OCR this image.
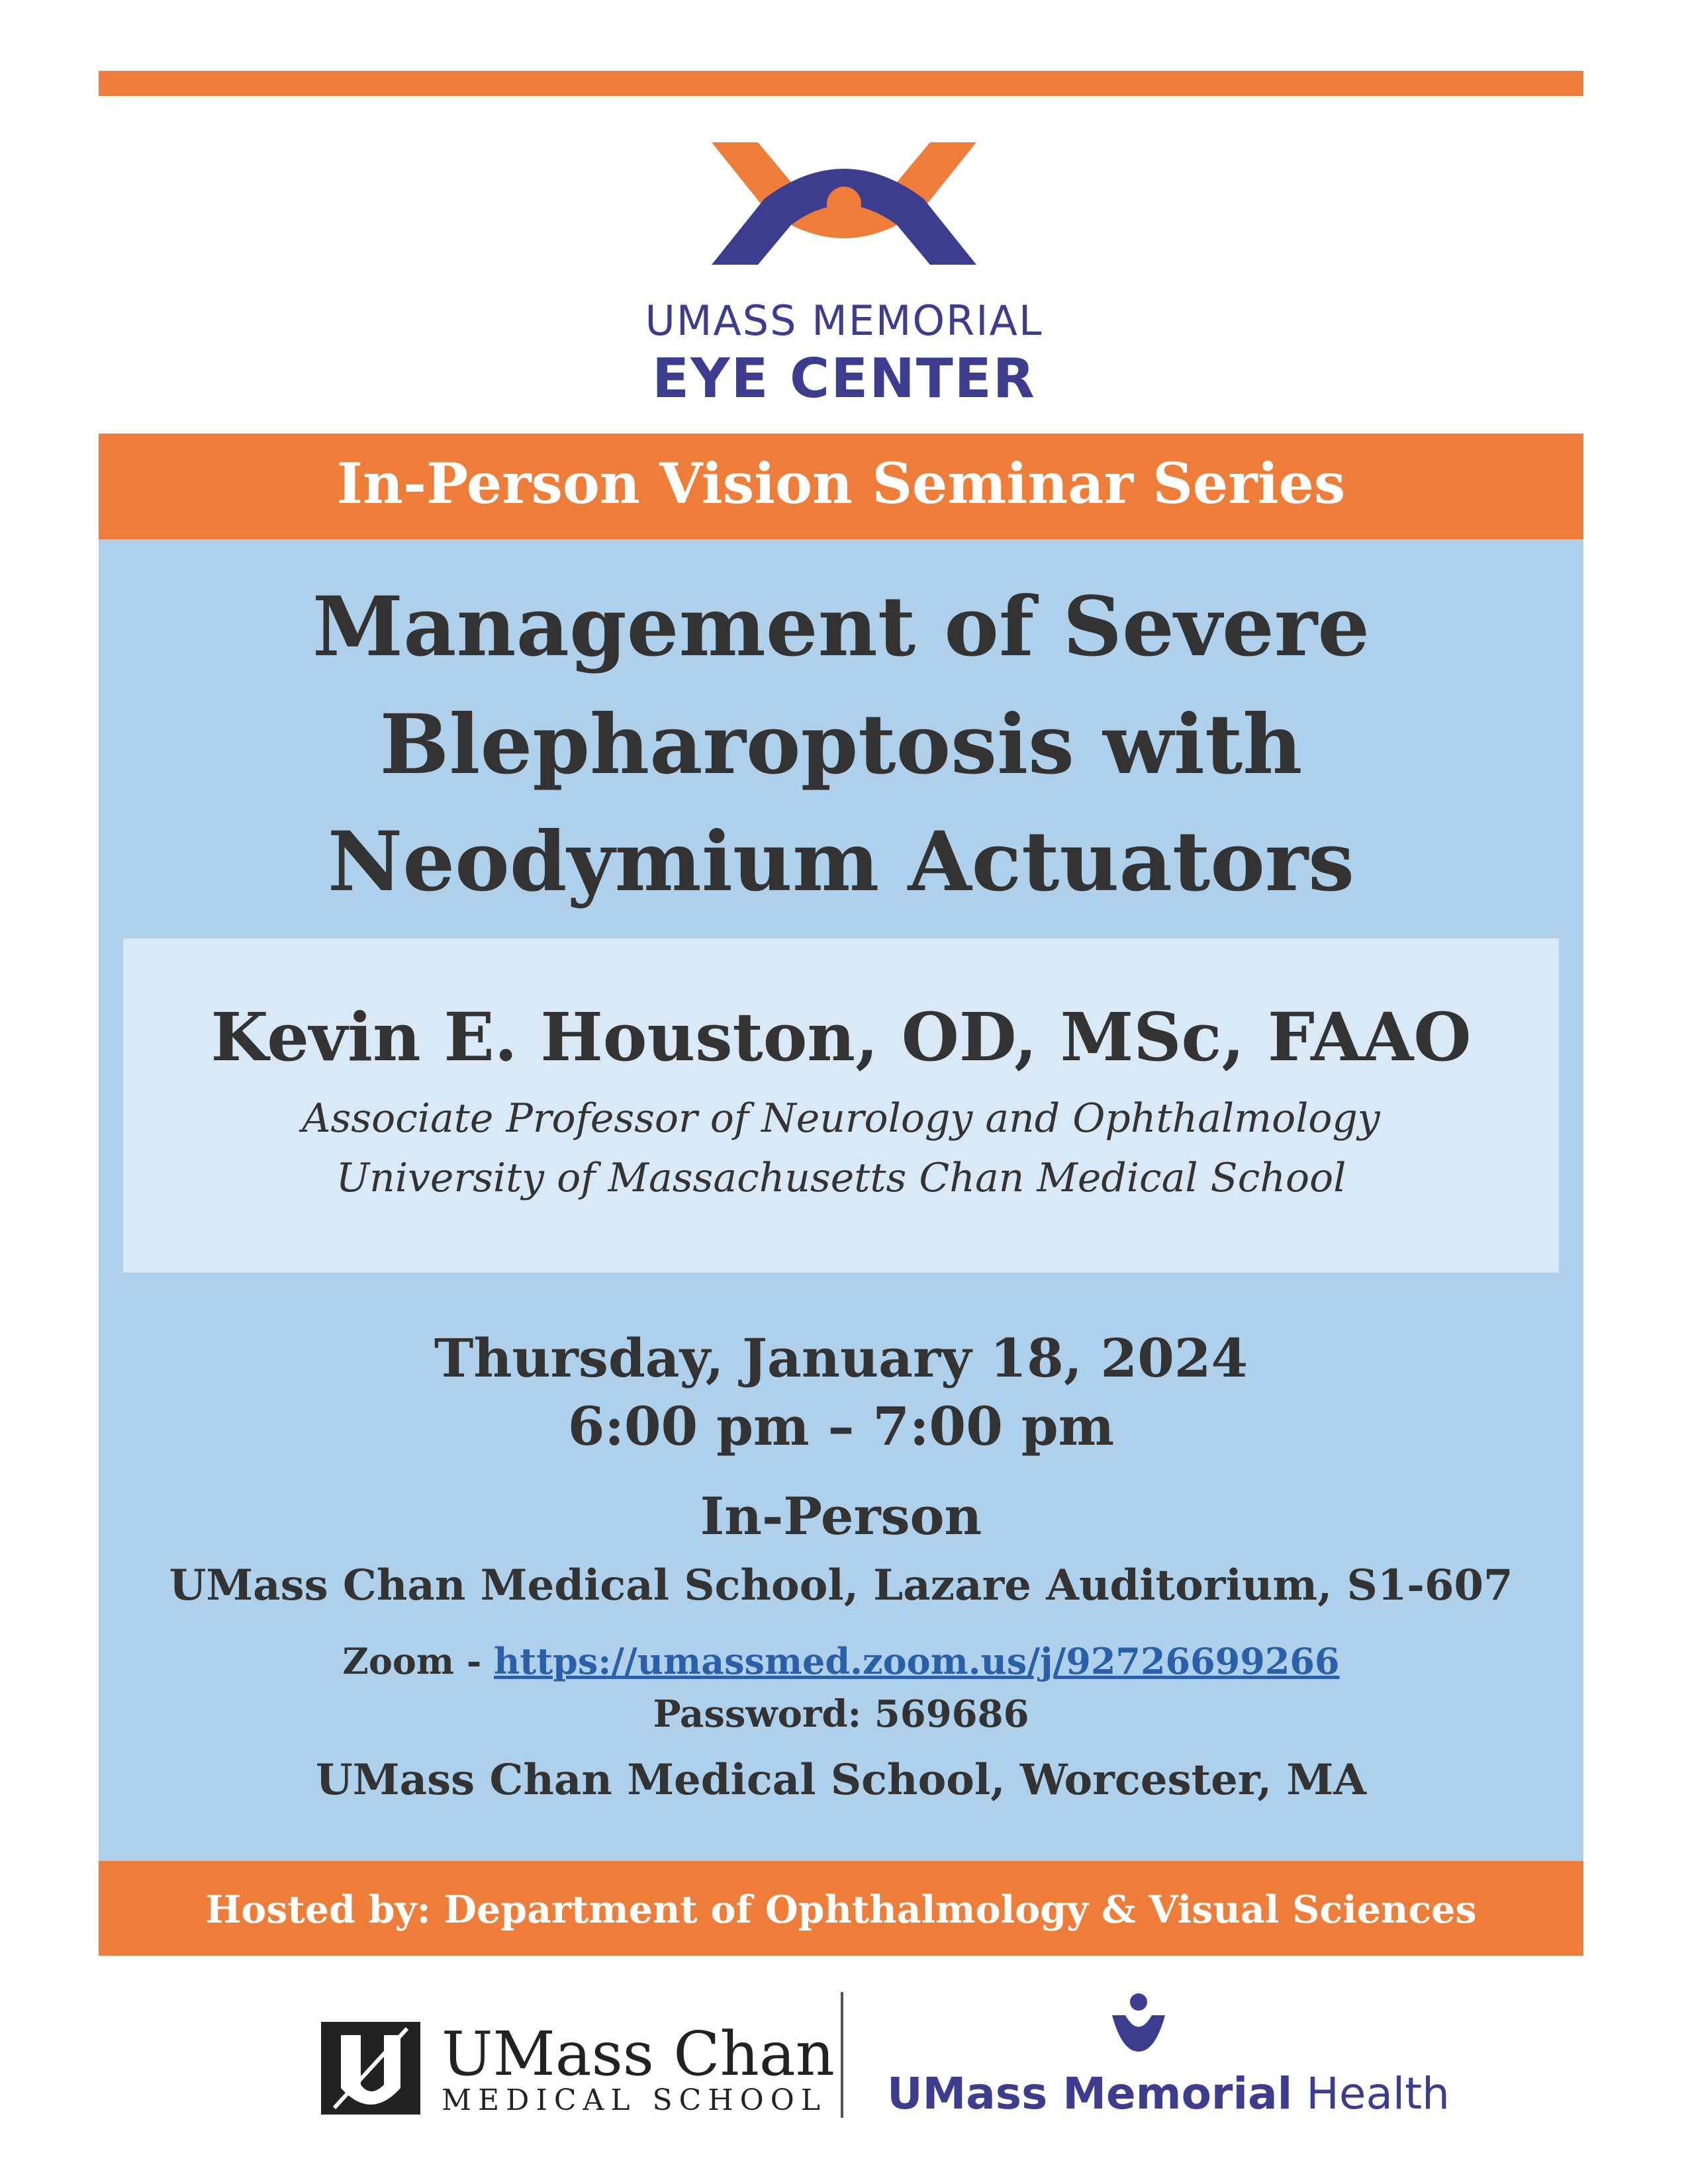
UMASS MEMORIAL
EYE CENTER
In-Person Vision Seminar Series
Management of Severe
Blepharoptosis with
Neodymium Actuators
Kevin E. Houston, OD, MSc, FAAO
Associate Professor of Neurology and Ophthalmology
University of Massachusetts Chan Medical School
Thursday, January 18, 2024
6:00 pm – 7:00 pm
In-Person
UMass Chan Medical School, Lazare Auditorium, S1-607
Zoom - https://umassmed.zoom.us/j/92726699266
Password: 569686
UMass Chan Medical School, Worcester, MA
Hosted by: Department of Ophthalmology & Visual Sciences
UMass Chan
MEDICAL SCHOOL UMass Memorial Health
